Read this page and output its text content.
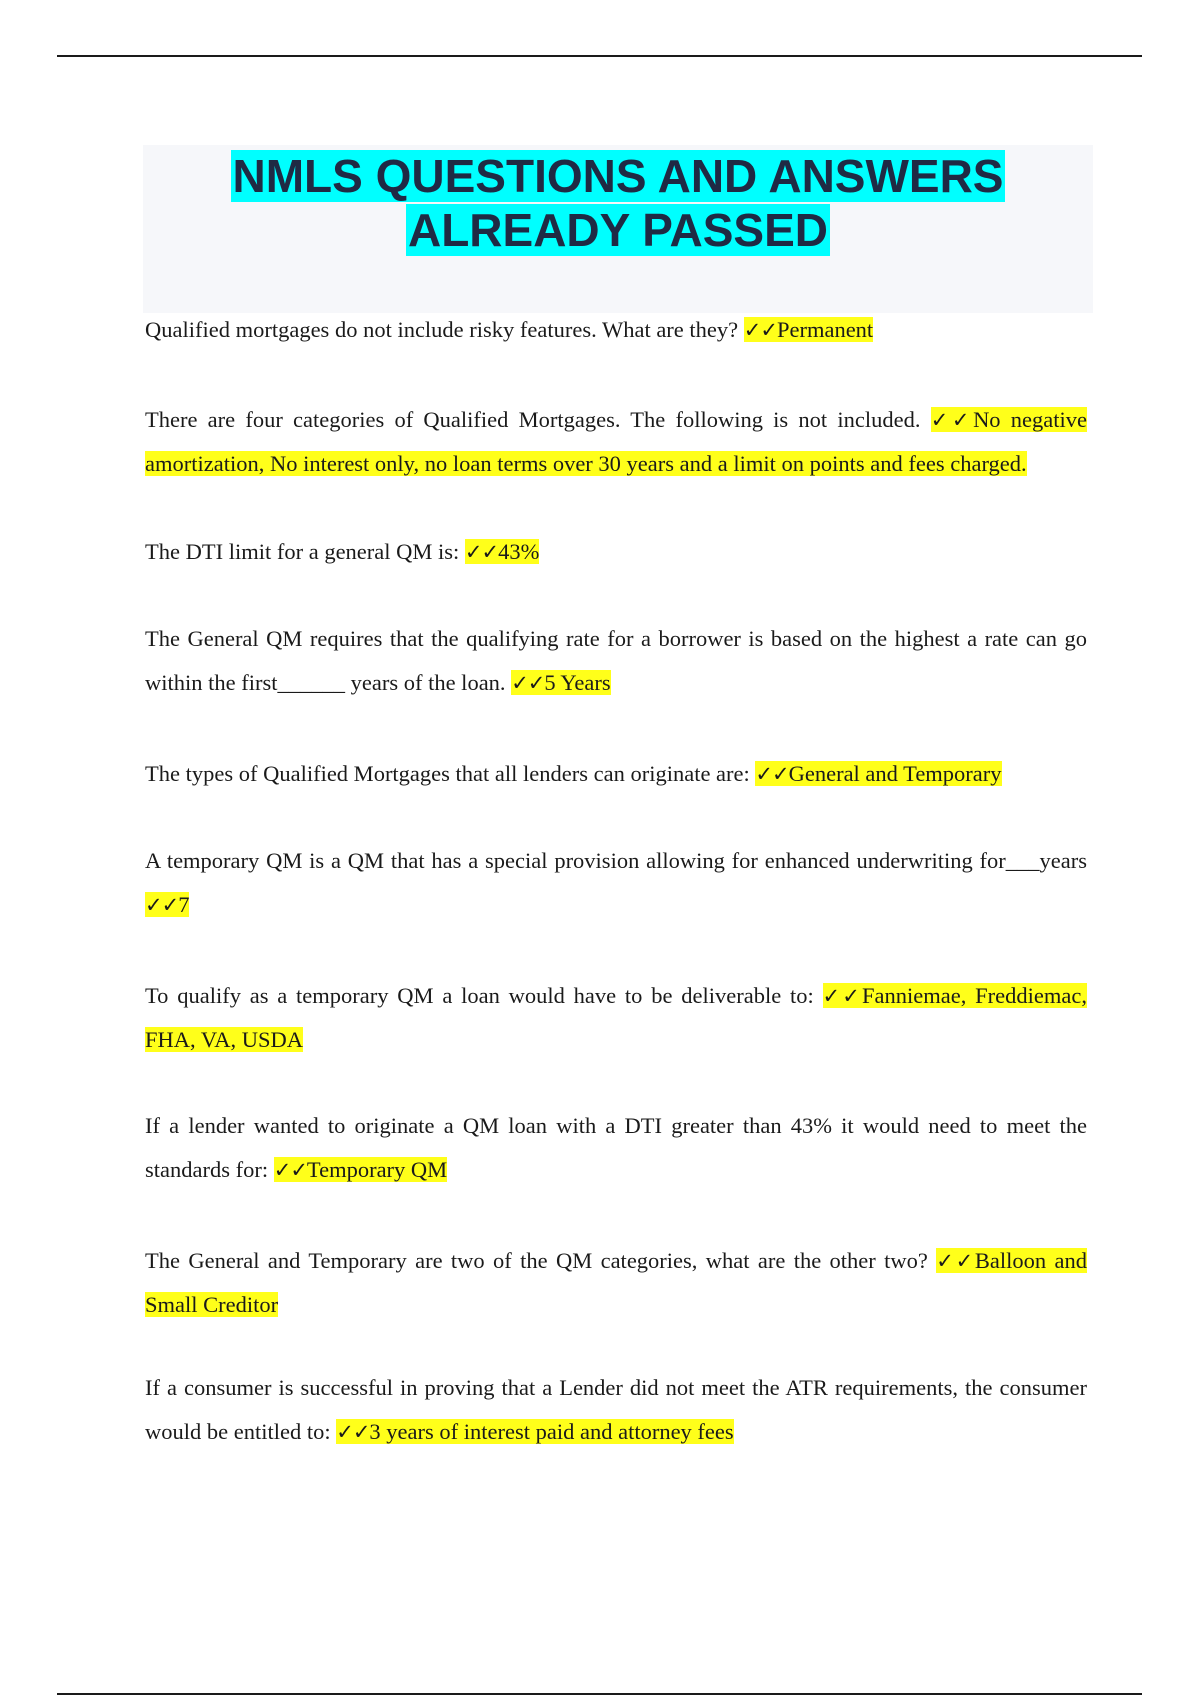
NMLS QUESTIONS AND ANSWERS
ALREADY PASSED
Qualified mortgages do not include risky features. What are they? ✓✓Permanent
There are four categories of Qualified Mortgages. The following is not included. ✓✓No negative amortization, No interest only, no loan terms over 30 years and a limit on points and fees charged.
The DTI limit for a general QM is: ✓✓43%
The General QM requires that the qualifying rate for a borrower is based on the highest a rate can go within the first______ years of the loan. ✓✓5 Years
The types of Qualified Mortgages that all lenders can originate are: ✓✓General and Temporary
A temporary QM is a QM that has a special provision allowing for enhanced underwriting for___years ✓✓7
To qualify as a temporary QM a loan would have to be deliverable to: ✓✓Fanniemae, Freddiemac, FHA, VA, USDA
If a lender wanted to originate a QM loan with a DTI greater than 43% it would need to meet the standards for: ✓✓Temporary QM
The General and Temporary are two of the QM categories, what are the other two? ✓✓Balloon and Small Creditor
If a consumer is successful in proving that a Lender did not meet the ATR requirements, the consumer would be entitled to: ✓✓3 years of interest paid and attorney fees
